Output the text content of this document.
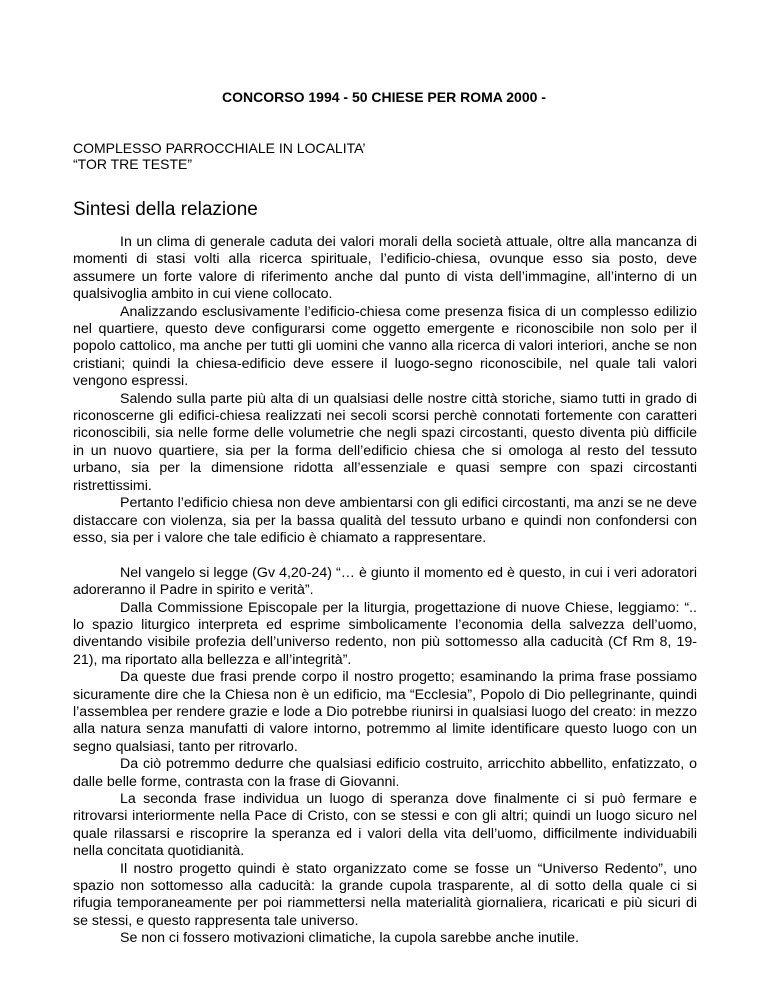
CONCORSO 1994 - 50 CHIESE PER ROMA 2000 -
COMPLESSO PARROCCHIALE IN LOCALITA’
“TOR TRE TESTE”
Sintesi della relazione

In un clima di generale caduta dei valori morali della società attuale, oltre alla mancanza di momenti di stasi volti alla ricerca spirituale, l’edificio-chiesa, ovunque esso sia posto, deve assumere un forte valore di riferimento anche dal punto di vista dell’immagine, all’interno di un qualsivoglia ambito in cui viene collocato.

Analizzando esclusivamente l’edificio-chiesa come presenza fisica di un complesso edilizio nel quartiere, questo deve configurarsi come oggetto emergente e riconoscibile non solo per il popolo cattolico, ma anche per tutti gli uomini che vanno alla ricerca di valori interiori, anche se non cristiani; quindi la chiesa-edificio deve essere il luogo-segno riconoscibile, nel quale tali valori vengono espressi.

Salendo sulla parte più alta di un qualsiasi delle nostre città storiche, siamo tutti in grado di riconoscerne gli edifici-chiesa realizzati nei secoli scorsi perchè connotati fortemente con caratteri riconoscibili, sia nelle forme delle volumetrie che negli spazi circostanti, questo diventa più difficile in un nuovo quartiere, sia per la forma dell’edificio chiesa che si omologa al resto del tessuto urbano, sia per la dimensione ridotta all’essenziale e quasi sempre con spazi circostanti ristrettissimi.

Pertanto l’edificio chiesa non deve ambientarsi con gli edifici circostanti, ma anzi se ne deve distaccare con violenza, sia per la bassa qualità del tessuto urbano e quindi non confondersi con esso, sia per i valore che tale edificio è chiamato a rappresentare.

Nel vangelo si legge (Gv 4,20-24) “… è giunto il momento ed è questo, in cui i veri adoratori adoreranno il Padre in spirito e verità”.

Dalla Commissione Episcopale per la liturgia, progettazione di nuove Chiese, leggiamo: “.. lo spazio liturgico interpreta ed esprime simbolicamente l’economia della salvezza dell’uomo, diventando visibile profezia dell’universo redento, non più sottomesso alla caducità (Cf Rm 8, 19-21), ma riportato alla bellezza e all’integrità”.

Da queste due frasi prende corpo il nostro progetto; esaminando la prima frase possiamo sicuramente dire che la Chiesa non è un edificio, ma “Ecclesia”, Popolo di Dio pellegrinante, quindi l’assemblea per rendere grazie e lode a Dio potrebbe riunirsi in qualsiasi luogo del creato: in mezzo alla natura senza manufatti di valore intorno, potremmo al limite identificare questo luogo con un segno qualsiasi, tanto per ritrovarlo.

Da ciò potremmo dedurre che qualsiasi edificio costruito, arricchito abbellito, enfatizzato, o dalle belle forme, contrasta con la frase di Giovanni.

La seconda frase individua un luogo di speranza dove finalmente ci si può fermare e ritrovarsi interiormente nella Pace di Cristo, con se stessi e con gli altri; quindi un luogo sicuro nel quale rilassarsi e riscoprire la speranza ed i valori della vita dell’uomo, difficilmente individuabili nella concitata quotidianità.

Il nostro progetto quindi è stato organizzato come se fosse un “Universo Redento”, uno spazio non sottomesso alla caducità: la grande cupola trasparente, al di sotto della quale ci si rifugia temporaneamente per poi riammettersi nella materialità giornaliera, ricaricati e più sicuri di se stessi, e questo rappresenta tale universo.

Se non ci fossero motivazioni climatiche, la cupola sarebbe anche inutile.
